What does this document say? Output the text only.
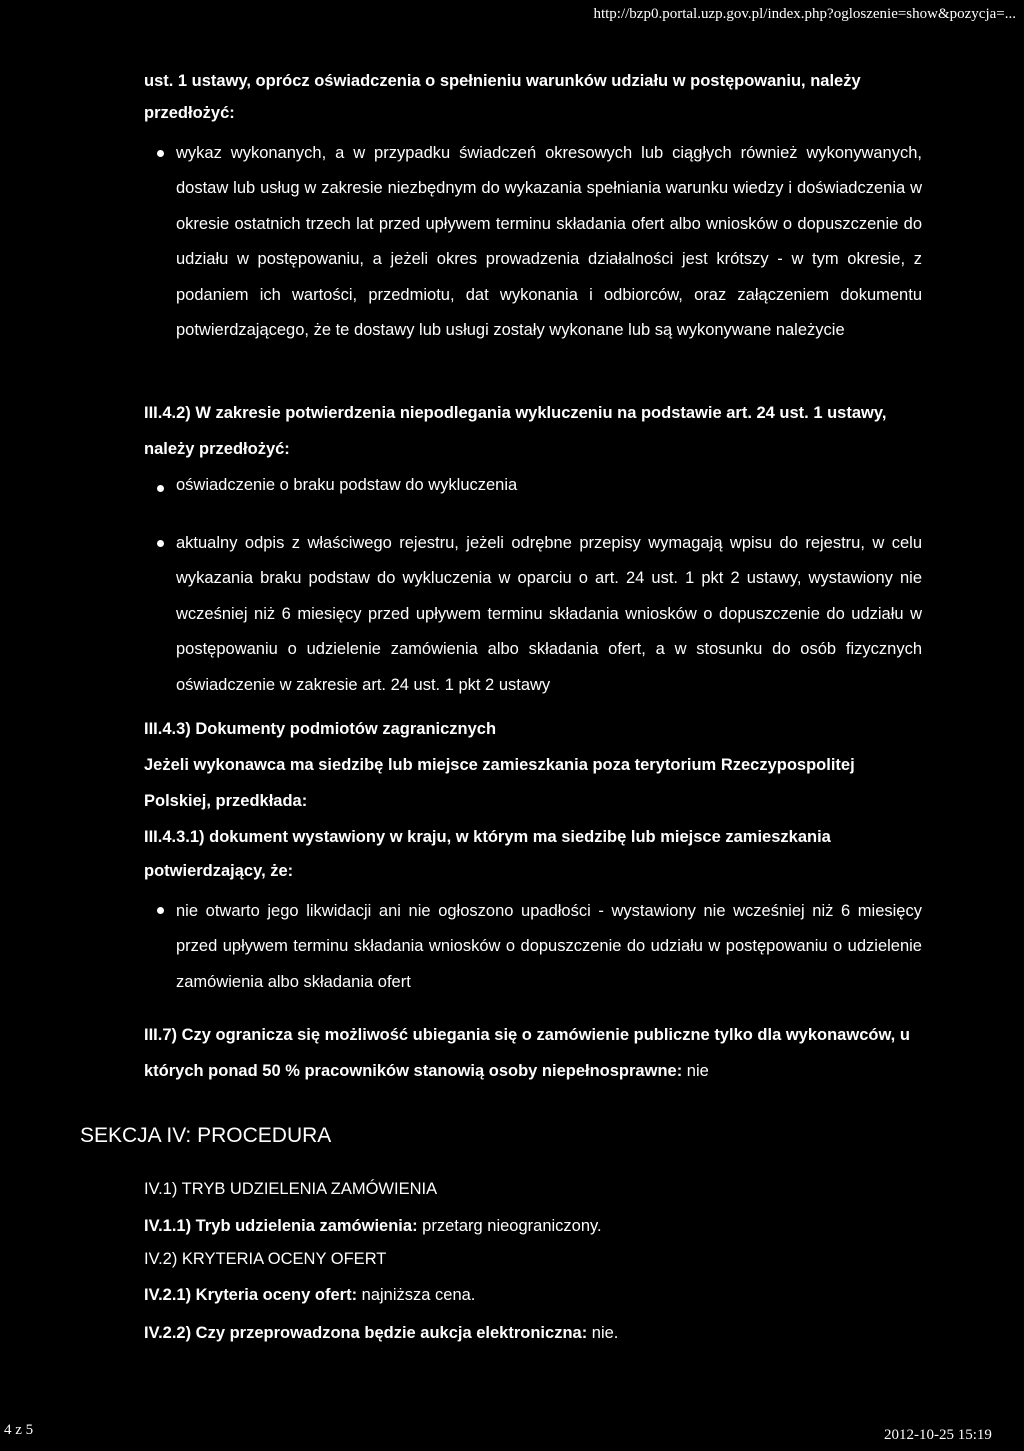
http://bzp0.portal.uzp.gov.pl/index.php?ogloszenie=show&pozycja=...
ust. 1 ustawy, oprócz oświadczenia o spełnieniu warunków udziału w postępowaniu, należy
przedłożyć:
wykaz wykonanych, a w przypadku świadczeń okresowych lub ciągłych również wykonywanych, dostaw lub usług w zakresie niezbędnym do wykazania spełniania warunku wiedzy i doświadczenia w okresie ostatnich trzech lat przed upływem terminu składania ofert albo wniosków o dopuszczenie do udziału w postępowaniu, a jeżeli okres prowadzenia działalności jest krótszy - w tym okresie, z podaniem ich wartości, przedmiotu, dat wykonania i odbiorców, oraz załączeniem dokumentu potwierdzającego, że te dostawy lub usługi zostały wykonane lub są wykonywane należycie
III.4.2) W zakresie potwierdzenia niepodlegania wykluczeniu na podstawie art. 24 ust. 1 ustawy,
należy przedłożyć:
oświadczenie o braku podstaw do wykluczenia
aktualny odpis z właściwego rejestru, jeżeli odrębne przepisy wymagają wpisu do rejestru, w celu wykazania braku podstaw do wykluczenia w oparciu o art. 24 ust. 1 pkt 2 ustawy, wystawiony nie wcześniej niż 6 miesięcy przed upływem terminu składania wniosków o dopuszczenie do udziału w postępowaniu o udzielenie zamówienia albo składania ofert, a w stosunku do osób fizycznych oświadczenie w zakresie art. 24 ust. 1 pkt 2 ustawy
III.4.3) Dokumenty podmiotów zagranicznych
Jeżeli wykonawca ma siedzibę lub miejsce zamieszkania poza terytorium Rzeczypospolitej
Polskiej, przedkłada:
III.4.3.1) dokument wystawiony w kraju, w którym ma siedzibę lub miejsce zamieszkania
potwierdzający, że:
nie otwarto jego likwidacji ani nie ogłoszono upadłości - wystawiony nie wcześniej niż 6 miesięcy przed upływem terminu składania wniosków o dopuszczenie do udziału w postępowaniu o udzielenie zamówienia albo składania ofert
III.7) Czy ogranicza się możliwość ubiegania się o zamówienie publiczne tylko dla wykonawców, u
których ponad 50 % pracowników stanowią osoby niepełnosprawne: nie
SEKCJA IV: PROCEDURA
IV.1) TRYB UDZIELENIA ZAMÓWIENIA
IV.1.1) Tryb udzielenia zamówienia: przetarg nieograniczony.
IV.2) KRYTERIA OCENY OFERT
IV.2.1) Kryteria oceny ofert: najniższa cena.
IV.2.2) Czy przeprowadzona będzie aukcja elektroniczna: nie.
4 z 5	2012-10-25 15:19
